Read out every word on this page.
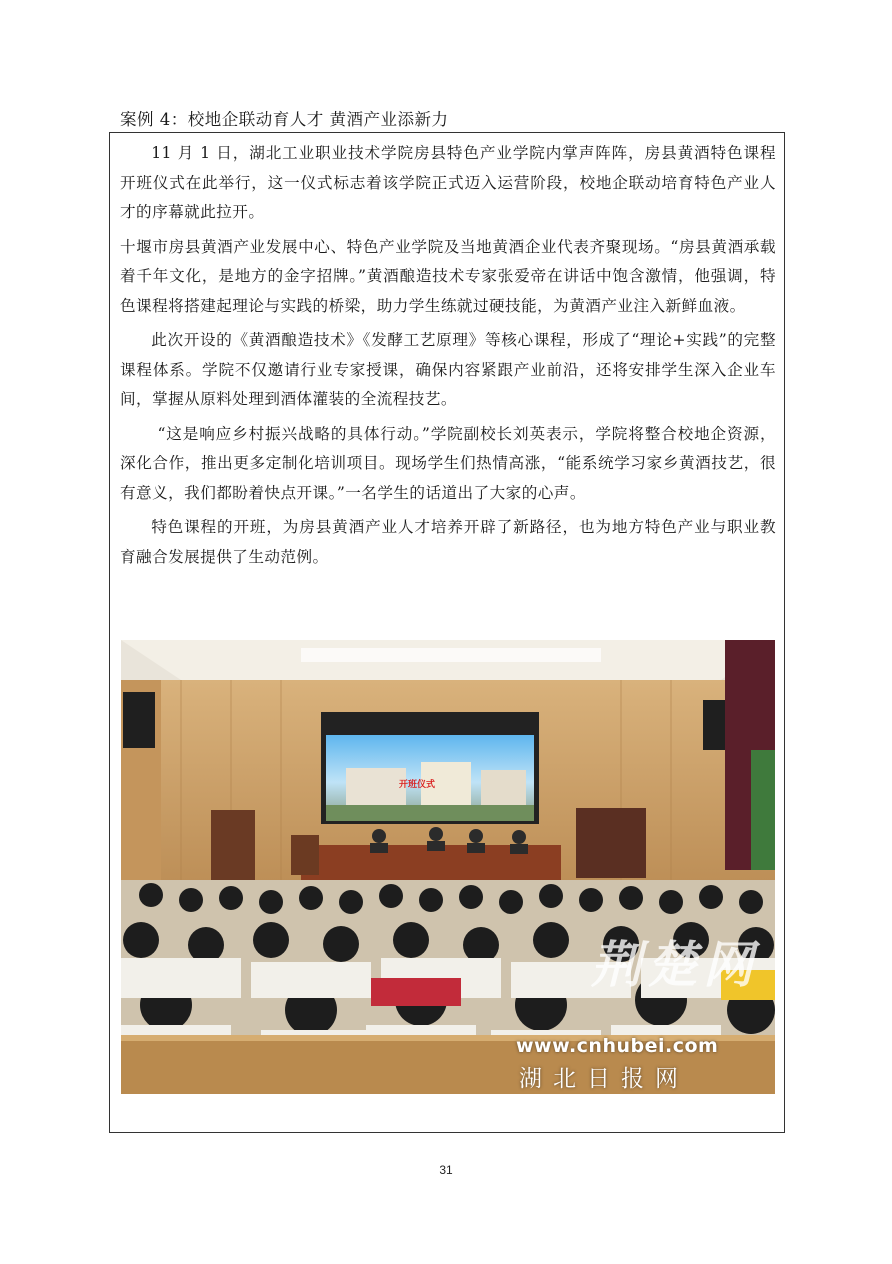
案例 4：校地企联动育人才 黄酒产业添新力

11 月 1 日，湖北工业职业技术学院房县特色产业学院内掌声阵阵，房县黄酒特色课程开班仪式在此举行，这一仪式标志着该学院正式迈入运营阶段，校地企联动培育特色产业人才的序幕就此拉开。

十堰市房县黄酒产业发展中心、特色产业学院及当地黄酒企业代表齐聚现场。“房县黄酒承载着千年文化，是地方的金字招牌。”黄酒酿造技术专家张爱帝在讲话中饱含激情，他强调，特色课程将搭建起理论与实践的桥梁，助力学生练就过硬技能，为黄酒产业注入新鲜血液。

此次开设的《黄酒酿造技术》《发酵工艺原理》等核心课程，形成了“理论+实践”的完整课程体系。学院不仅邀请行业专家授课，确保内容紧跟产业前沿，还将安排学生深入企业车间，掌握从原料处理到酒体灌装的全流程技艺。

“这是响应乡村振兴战略的具体行动。”学院副校长刘英表示，学院将整合校地企资源，深化合作，推出更多定制化培训项目。现场学生们热情高涨，“能系统学习家乡黄酒技艺，很有意义，我们都盼着快点开课。”一名学生的话道出了大家的心声。

特色课程的开班，为房县黄酒产业人才培养开辟了新路径，也为地方特色产业与职业教育融合发展提供了生动范例。

开班仪式
荆楚网
www.cnhubei.com
湖北日报网
31
